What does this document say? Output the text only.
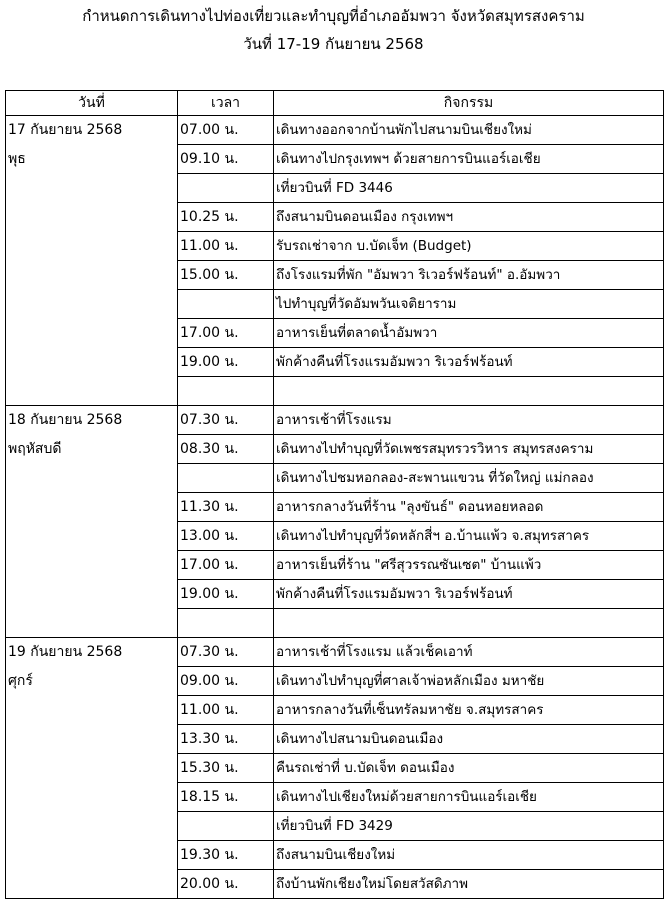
กำหนดการเดินทางไปท่องเที่ยวและทำบุญที่อำเภออัมพวา จังหวัดสมุทรสงคราม
วันที่ 17-19 กันยายน 2568
วันที่	เวลา	กิจกรรม
17 กันยายน 2568	07.00 น.	เดินทางออกจากบ้านพักไปสนามบินเชียงใหม่
พุธ	09.10 น.	เดินทางไปกรุงเทพฯ ด้วยสายการบินแอร์เอเชีย
		เที่ยวบินที่ FD 3446
	10.25 น.	ถึงสนามบินดอนเมือง กรุงเทพฯ
	11.00 น.	รับรถเช่าจาก บ.บัดเจ็ท (Budget)
	15.00 น.	ถึงโรงแรมที่พัก "อัมพวา ริเวอร์ฟร้อนท์" อ.อัมพวา
		ไปทำบุญที่วัดอัมพวันเจติยาราม
	17.00 น.	อาหารเย็นที่ตลาดน้ำอัมพวา
	19.00 น.	พักค้างคืนที่โรงแรมอัมพวา ริเวอร์ฟร้อนท์

18 กันยายน 2568	07.30 น.	อาหารเช้าที่โรงแรม
พฤหัสบดี	08.30 น.	เดินทางไปทำบุญที่วัดเพชรสมุทรวรวิหาร สมุทรสงคราม
		เดินทางไปชมหอกลอง-สะพานแขวน ที่วัดใหญ่ แม่กลอง
	11.30 น.	อาหารกลางวันที่ร้าน "ลุงขันธ์" ดอนหอยหลอด
	13.00 น.	เดินทางไปทำบุญที่วัดหลักสี่ฯ อ.บ้านแพ้ว จ.สมุทรสาคร
	17.00 น.	อาหารเย็นที่ร้าน "ศรีสุวรรณซันเซต" บ้านแพ้ว
	19.00 น.	พักค้างคืนที่โรงแรมอัมพวา ริเวอร์ฟร้อนท์

19 กันยายน 2568	07.30 น.	อาหารเช้าที่โรงแรม แล้วเช็คเอาท์
ศุกร์	09.00 น.	เดินทางไปทำบุญที่ศาลเจ้าพ่อหลักเมือง มหาชัย
	11.00 น.	อาหารกลางวันที่เซ็นทรัลมหาชัย จ.สมุทรสาคร
	13.30 น.	เดินทางไปสนามบินดอนเมือง
	15.30 น.	คืนรถเช่าที่ บ.บัดเจ็ท ดอนเมือง
	18.15 น.	เดินทางไปเชียงใหม่ด้วยสายการบินแอร์เอเชีย
		เที่ยวบินที่ FD 3429
	19.30 น.	ถึงสนามบินเชียงใหม่
	20.00 น.	ถึงบ้านพักเชียงใหม่โดยสวัสดิภาพ
